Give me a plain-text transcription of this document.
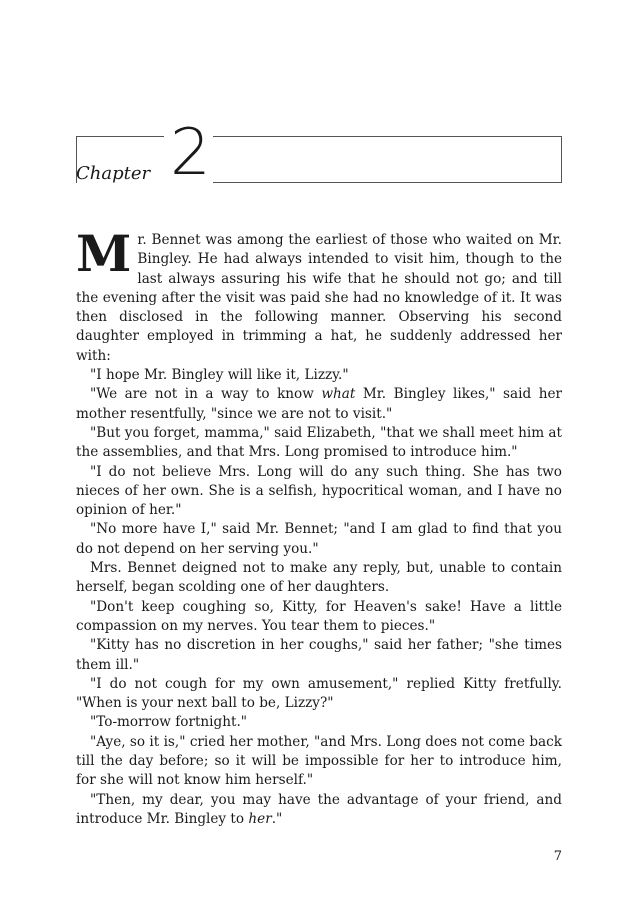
Chapter 2

Mr. Bennet was among the earliest of those who waited on Mr. Bingley. He had always intended to visit him, though to the last always assuring his wife that he should not go; and till the evening after the visit was paid she had no knowledge of it. It was then disclosed in the following manner. Observing his second daughter employed in trimming a hat, he suddenly addressed her with:

"I hope Mr. Bingley will like it, Lizzy."

"We are not in a way to know what Mr. Bingley likes," said her mother resentfully, "since we are not to visit."

"But you forget, mamma," said Elizabeth, "that we shall meet him at the assemblies, and that Mrs. Long promised to introduce him."

"I do not believe Mrs. Long will do any such thing. She has two nieces of her own. She is a selfish, hypocritical woman, and I have no opinion of her."

"No more have I," said Mr. Bennet; "and I am glad to find that you do not depend on her serving you."

Mrs. Bennet deigned not to make any reply, but, unable to contain herself, began scolding one of her daughters.

"Don't keep coughing so, Kitty, for Heaven's sake! Have a little compassion on my nerves. You tear them to pieces."

"Kitty has no discretion in her coughs," said her father; "she times them ill."

"I do not cough for my own amusement," replied Kitty fretfully. "When is your next ball to be, Lizzy?"

"To-morrow fortnight."

"Aye, so it is," cried her mother, "and Mrs. Long does not come back till the day before; so it will be impossible for her to introduce him, for she will not know him herself."

"Then, my dear, you may have the advantage of your friend, and introduce Mr. Bingley to her."

7
